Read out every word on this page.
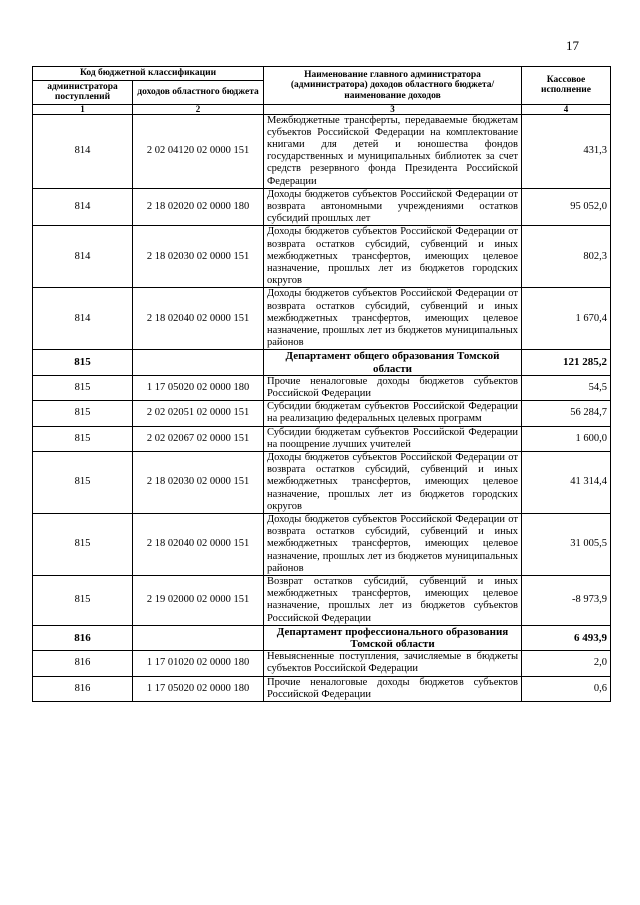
17
Код бюджетной классификации		Наименование главного администратора (администратора) доходов областного бюджета/ наименование доходов	Кассовое исполнение
администратора поступлений	доходов областного бюджета		
1	2	3	4
814	2 02 04120 02 0000 151	Межбюджетные трансферты, передаваемые бюджетам субъектов Российской Федерации на комплектование книгами для детей и юношества фондов государственных и муниципальных библиотек за счет средств резервного фонда Президента Российской Федерации	431,3
814	2 18 02020 02 0000 180	Доходы бюджетов субъектов Российской Федерации от возврата автономными учреждениями остатков субсидий прошлых лет	95 052,0
814	2 18 02030 02 0000 151	Доходы бюджетов субъектов Российской Федерации от возврата остатков субсидий, субвенций и иных межбюджетных трансфертов, имеющих целевое назначение, прошлых лет из бюджетов городских округов	802,3
814	2 18 02040 02 0000 151	Доходы бюджетов субъектов Российской Федерации от возврата остатков субсидий, субвенций и иных межбюджетных трансфертов, имеющих целевое назначение, прошлых лет из бюджетов муниципальных районов	1 670,4
815		Департамент общего образования Томской области	121 285,2
815	1 17 05020 02 0000 180	Прочие неналоговые доходы бюджетов субъектов Российской Федерации	54,5
815	2 02 02051 02 0000 151	Субсидии бюджетам субъектов Российской Федерации на реализацию федеральных целевых программ	56 284,7
815	2 02 02067 02 0000 151	Субсидии бюджетам субъектов Российской Федерации на поощрение лучших учителей	1 600,0
815	2 18 02030 02 0000 151	Доходы бюджетов субъектов Российской Федерации от возврата остатков субсидий, субвенций и иных межбюджетных трансфертов, имеющих целевое назначение, прошлых лет из бюджетов городских округов	41 314,4
815	2 18 02040 02 0000 151	Доходы бюджетов субъектов Российской Федерации от возврата остатков субсидий, субвенций и иных межбюджетных трансфертов, имеющих целевое назначение, прошлых лет из бюджетов муниципальных районов	31 005,5
815	2 19 02000 02 0000 151	Возврат остатков субсидий, субвенций и иных межбюджетных трансфертов, имеющих целевое назначение, прошлых лет из бюджетов субъектов Российской Федерации	-8 973,9
816		Департамент профессионального образования Томской области	6 493,9
816	1 17 01020 02 0000 180	Невыясненные поступления, зачисляемые в бюджеты субъектов Российской Федерации	2,0
816	1 17 05020 02 0000 180	Прочие неналоговые доходы бюджетов субъектов Российской Федерации	0,6
